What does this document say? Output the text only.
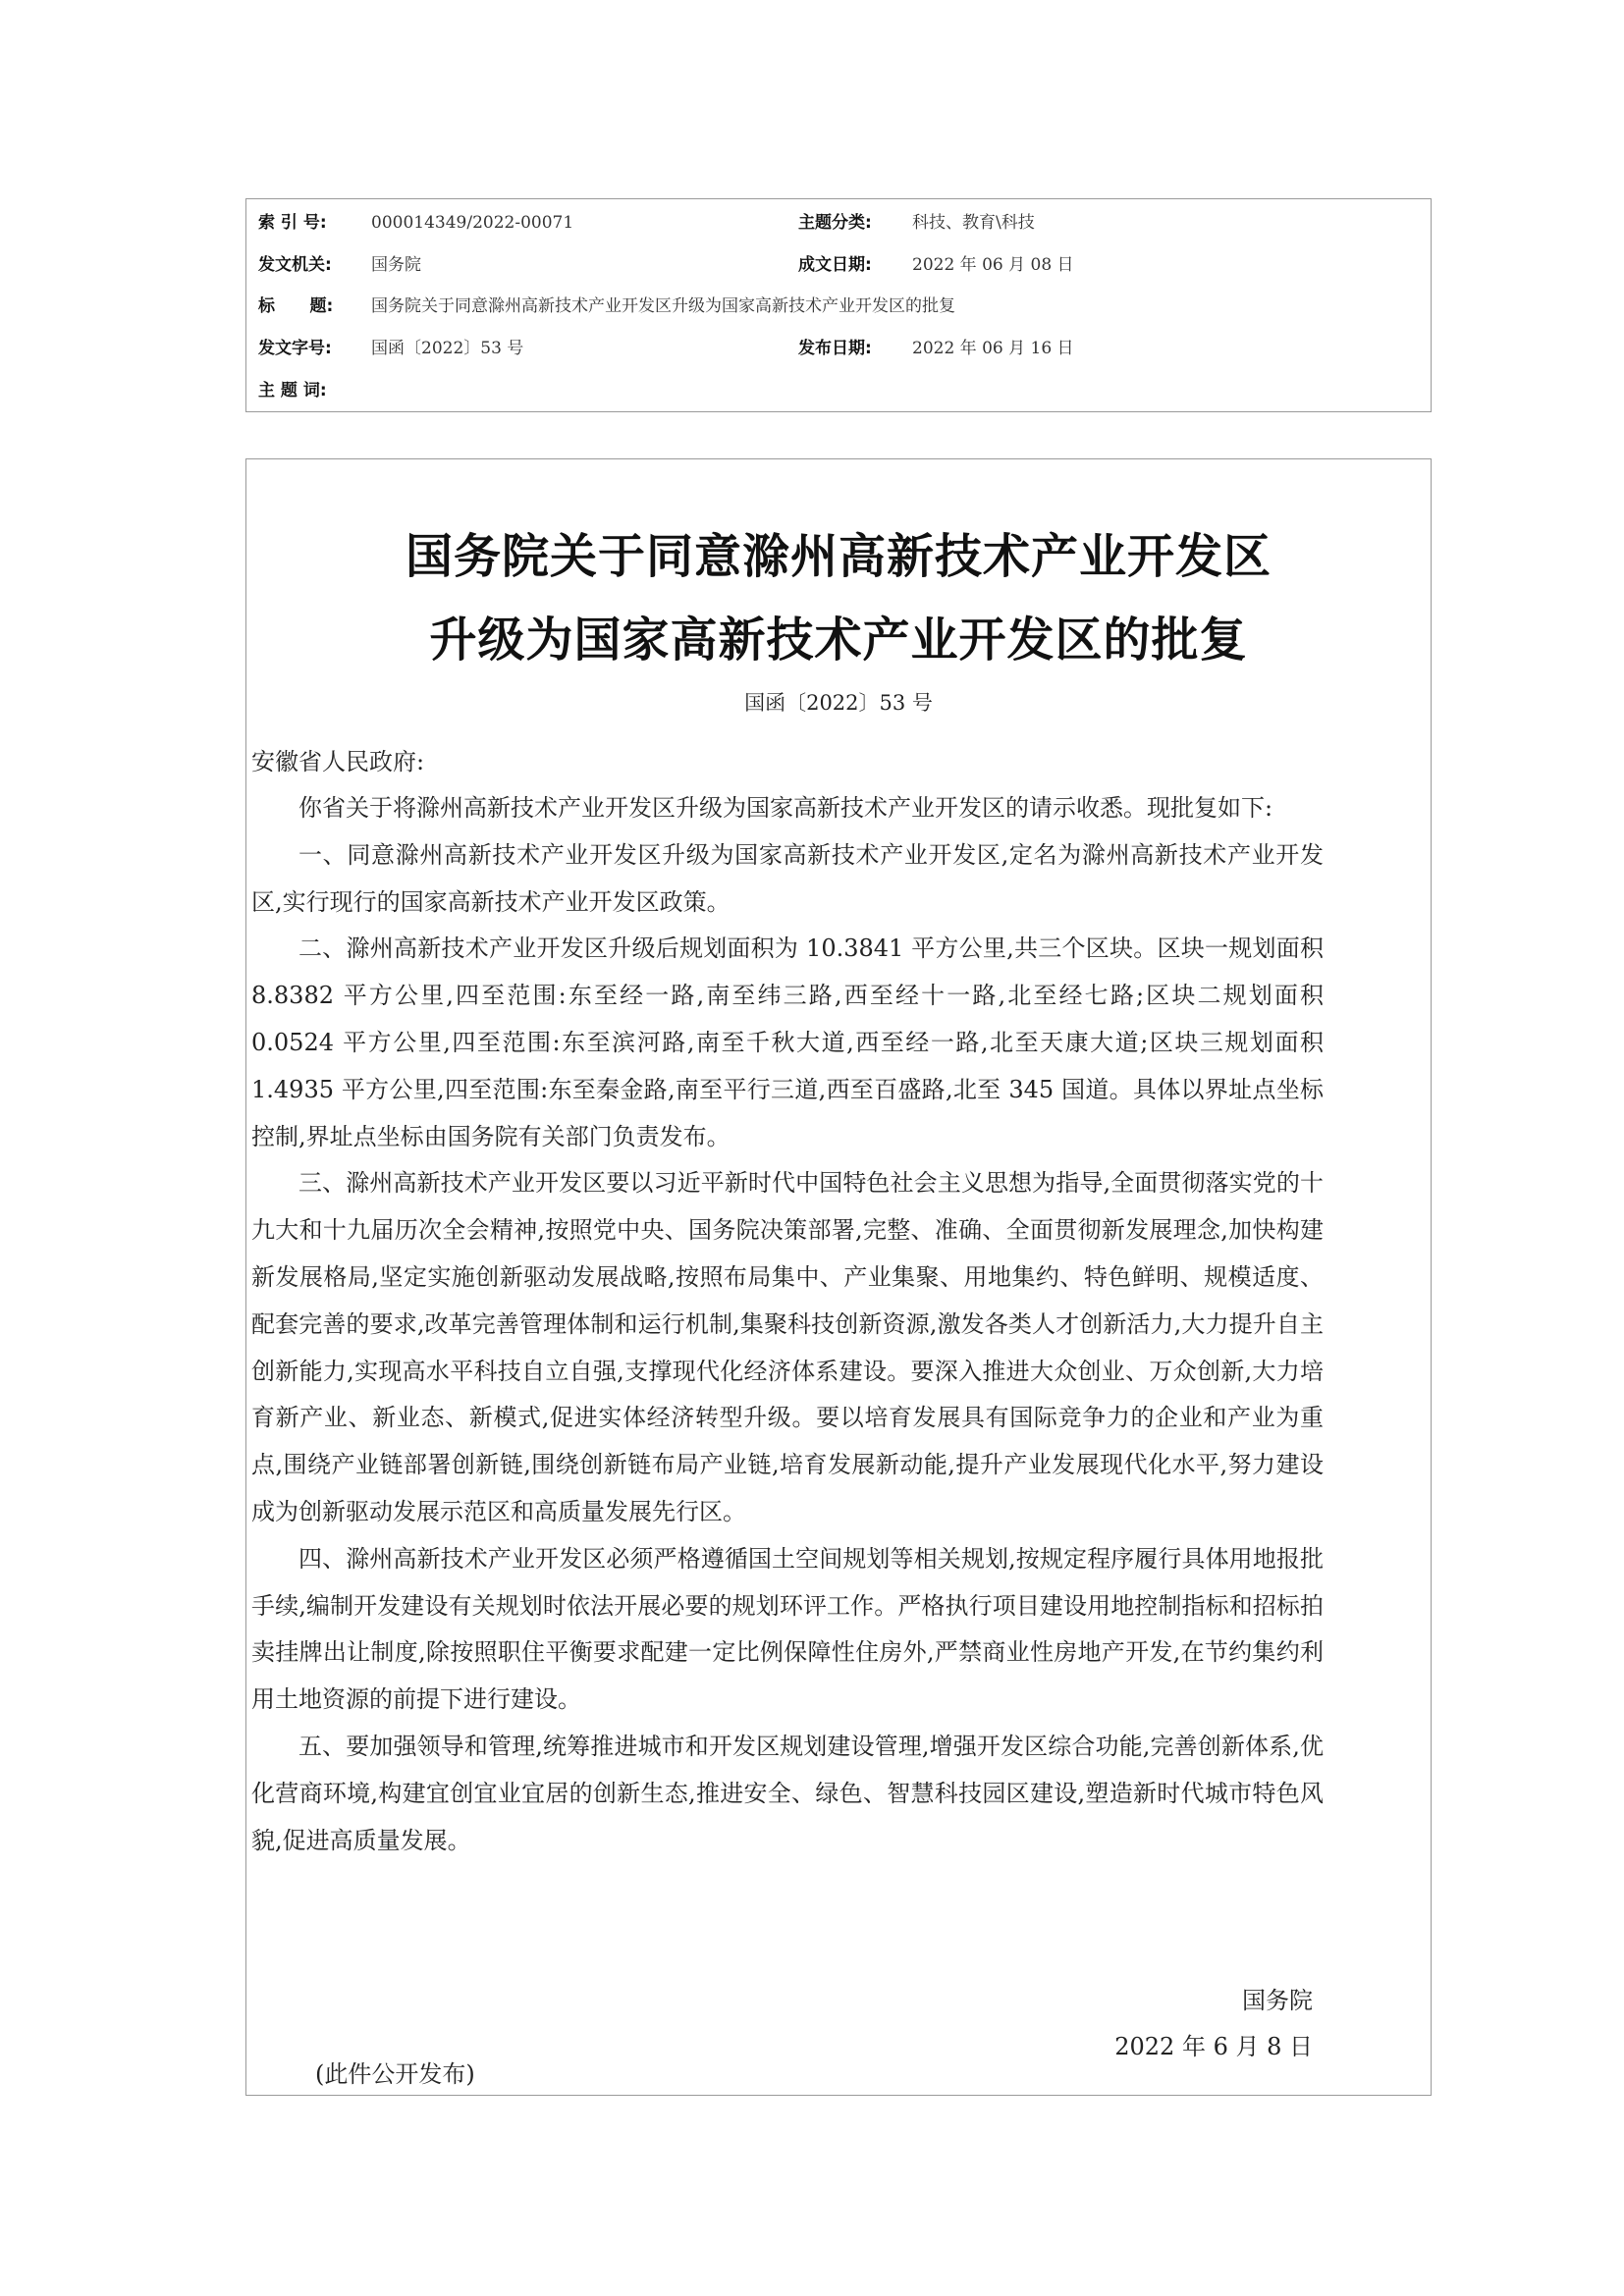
索 引 号:	000014349/2022-00071	主题分类: 科技、教育\科技
发文机关: 国务院	成文日期: 2022 年 06 月 08 日
标      题: 国务院关于同意滁州高新技术产业开发区升级为国家高新技术产业开发区的批复
发文字号: 国函〔2022〕53 号	发布日期: 2022 年 06 月 16 日
主 题 词:
国务院关于同意滁州高新技术产业开发区
升级为国家高新技术产业开发区的批复
国函〔2022〕53 号
安徽省人民政府:

你省关于将滁州高新技术产业开发区升级为国家高新技术产业开发区的请示收悉。现批复如下:

一、同意滁州高新技术产业开发区升级为国家高新技术产业开发区,定名为滁州高新技术产业开发区,实行现行的国家高新技术产业开发区政策。

二、滁州高新技术产业开发区升级后规划面积为 10.3841 平方公里,共三个区块。区块一规划面积 8.8382 平方公里,四至范围:东至经一路,南至纬三路,西至经十一路,北至经七路;区块二规划面积 0.0524 平方公里,四至范围:东至滨河路,南至千秋大道,西至经一路,北至天康大道;区块三规划面积 1.4935 平方公里,四至范围:东至秦金路,南至平行三道,西至百盛路,北至 345 国道。具体以界址点坐标控制,界址点坐标由国务院有关部门负责发布。

三、滁州高新技术产业开发区要以习近平新时代中国特色社会主义思想为指导,全面贯彻落实党的十九大和十九届历次全会精神,按照党中央、国务院决策部署,完整、准确、全面贯彻新发展理念,加快构建新发展格局,坚定实施创新驱动发展战略,按照布局集中、产业集聚、用地集约、特色鲜明、规模适度、配套完善的要求,改革完善管理体制和运行机制,集聚科技创新资源,激发各类人才创新活力,大力提升自主创新能力,实现高水平科技自立自强,支撑现代化经济体系建设。要深入推进大众创业、万众创新,大力培育新产业、新业态、新模式,促进实体经济转型升级。要以培育发展具有国际竞争力的企业和产业为重点,围绕产业链部署创新链,围绕创新链布局产业链,培育发展新动能,提升产业发展现代化水平,努力建设成为创新驱动发展示范区和高质量发展先行区。

四、滁州高新技术产业开发区必须严格遵循国土空间规划等相关规划,按规定程序履行具体用地报批手续,编制开发建设有关规划时依法开展必要的规划环评工作。严格执行项目建设用地控制指标和招标拍卖挂牌出让制度,除按照职住平衡要求配建一定比例保障性住房外,严禁商业性房地产开发,在节约集约利用土地资源的前提下进行建设。

五、要加强领导和管理,统筹推进城市和开发区规划建设管理,增强开发区综合功能,完善创新体系,优化营商环境,构建宜创宜业宜居的创新生态,推进安全、绿色、智慧科技园区建设,塑造新时代城市特色风貌,促进高质量发展。

国务院
2022 年 6 月 8 日
(此件公开发布)
